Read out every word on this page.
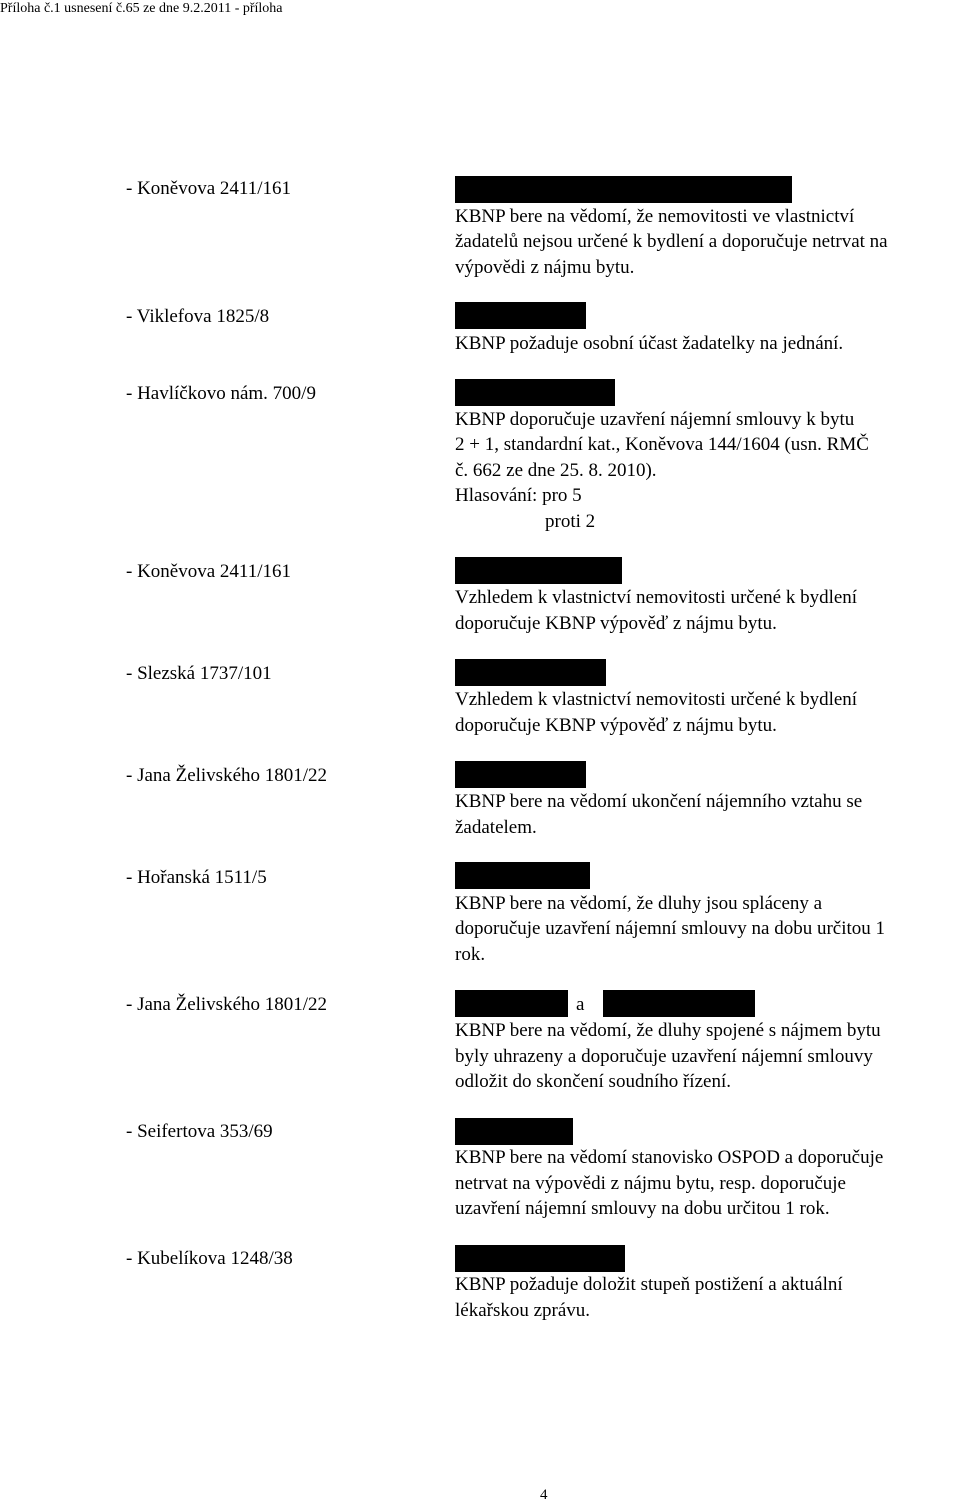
Příloha č.1 usnesení č.65 ze dne 9.2.2011 - příloha
- Koněvova 2411/161
KBNP bere na vědomí, že nemovitosti ve vlastnictví
žadatelů nejsou určené k bydlení a doporučuje netrvat na
výpovědi z nájmu bytu.
- Viklefova 1825/8
KBNP požaduje osobní účast žadatelky na jednání.
- Havlíčkovo nám. 700/9
KBNP doporučuje uzavření nájemní smlouvy k bytu
2 + 1, standardní kat., Koněvova 144/1604 (usn. RMČ
č. 662 ze dne 25. 8. 2010).
Hlasování: pro 5
proti 2
- Koněvova 2411/161
Vzhledem k vlastnictví nemovitosti určené k bydlení
doporučuje KBNP výpověď z nájmu bytu.
- Slezská 1737/101
Vzhledem k vlastnictví nemovitosti určené k bydlení
doporučuje KBNP výpověď z nájmu bytu.
- Jana Želivského 1801/22
KBNP bere na vědomí ukončení nájemního vztahu se
žadatelem.
- Hořanská 1511/5
KBNP bere na vědomí, že dluhy jsou spláceny a
doporučuje uzavření nájemní smlouvy na dobu určitou 1
rok.
- Jana Želivského 1801/22	a
KBNP bere na vědomí, že dluhy spojené s nájmem bytu
byly uhrazeny a doporučuje uzavření nájemní smlouvy
odložit do skončení soudního řízení.
- Seifertova 353/69
KBNP bere na vědomí stanovisko OSPOD a doporučuje
netrvat na výpovědi z nájmu bytu, resp. doporučuje
uzavření nájemní smlouvy na dobu určitou 1 rok.
- Kubelíkova 1248/38
KBNP požaduje doložit stupeň postižení a aktuální
lékařskou zprávu.
4
